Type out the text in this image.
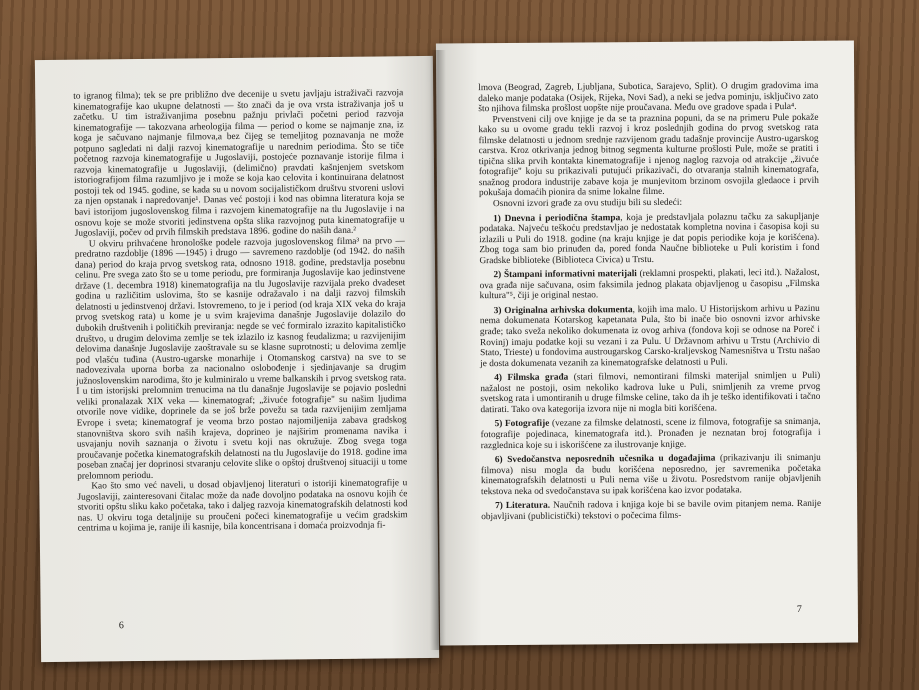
to igranog filma); tek se pre približno dve decenije u svetu javljaju istraživači razvoja kinematografije kao ukupne delatnosti — što znači da je ova vrsta istraživanja još u začetku. U tim istraživanjima posebnu pažnju privlači početni period razvoja kinematografije — takozvana arheologija filma — period o kome se najmanje zna, iz koga je sačuvano najmanje filmova,a bez čijeg se temeljitog poznavanja ne može potpuno sagledati ni dalji razvoj kinematografije u narednim periodima. Što se tiče početnog razvoja kinematografije u Jugoslaviji, postojeće poznavanje istorije filma i razvoja kinematografije u Jugoslaviji, (delimično) pravdati kašnjenjem svetskom istoriografijom filma razumljivo je i može se koja kao celovita i kontinuirana delatnost postoji tek od 1945. godine, se kada su u novom socijalističkom društvu stvoreni uslovi za njen opstanak i napredovanje¹. Danas već postoji i kod nas obimna literatura koja se bavi istorijom jugoslovenskog filma i razvojem kinematografije na tlu Jugoslavije i na osnovu koje se može stvoriti jedinstvena opšta slika razvojnog puta kinematografije u Jugoslaviji, počev od prvih filmskih predstava 1896. godine do naših dana.²

U okviru prihvaćene hronološke podele razvoja jugoslovenskog filma³ na prvo — predratno razdoblje (1896 —1945) i drugo — savremeno razdoblje (od 1942. do naših dana) period do kraja prvog svetskog rata, odnosno 1918. godine, predstavlja posebnu celinu. Pre svega zato što se u tome periodu, pre formiranja Jugoslavije kao jedinstvene države (1. decembra 1918) kinematografija na tlu Jugoslavije razvijala preko dvadeset godina u različitim uslovima, što se kasnije odražavalo i na dalji razvoj filmskih delatnosti u jedinstvenoj državi. Istovremeno, to je i period (od kraja XIX veka do kraja prvog svetskog rata) u kome je u svim krajevima današnje Jugoslavije dolazilo do dubokih društvenih i političkih previranja: negde se već formiralo izrazito kapitalističko društvo, u drugim delovima zemlje se tek izlazilo iz kasnog feudalizma; u razvijenijim delovima današnje Jugoslavije zaoštravale su se klasne suprotnosti; u delovima zemlje pod vlašću tuđina (Austro-ugarske monarhije i Otomanskog carstva) na sve to se nadovezivala upornа borba za nacionalno oslobođenje i sjedinjavanje sa drugim južnoslovenskim narodima, što je kulminiralo u vreme balkanskih i prvog svetskog rata. I u tim istorijski prelomnim trenucima na tlu današnje Jugoslavije se pojavio posledni veliki pronalazak XIX veka — kinematograf; „živuće fotografije" su našim ljudima otvorile nove vidike, doprinele da se još brže povežu sa tada razvijenijim zemljama Evrope i sveta; kinematograf je veoma brzo postao najomiljenija zabava gradskog stanovništva skoro svih naših krajeva, doprineo je najširim promenama navika i usvajanju novih saznanja o životu i svetu koji nas okružuje. Zbog svega toga proučavanje početka kinematografskih delatnosti na tlu Jugoslavije do 1918. godine ima poseban značaj jer doprinosi stvaranju celovite slike o opštoj društvenoj situaciji u tome prelomnom periodu.

Kao što smo već naveli, u dosad objavljenoj literaturi o istoriji kinematografije u Jugoslaviji, zainteresovani čitalac može da nađe dovoljno podataka na osnovu kojih će stvoriti opštu sliku kako početaka, tako i daljeg razvoja kinematografskih delatnosti kod nas. U okviru toga detaljnije su proučeni počeci kinematografije u većim gradskim centrima u kojima je, ranije ili kasnije, bila koncentrisana i domaća proizvodnja fi-

6

lmova (Beograd, Zagreb, Ljubljana, Subotica, Sarajevo, Split). O drugim gradovima ima daleko manje podataka (Osijek, Rijeka, Novi Sad), a neki se jedva pominju, isključivo zato što njihova filmska prošlost uopšte nije proučavana. Među ove gradove spada i Pula⁴.

Prvenstveni cilj ove knjige je da se ta praznina popuni, da se na primeru Pule pokaže kako su u ovome gradu tekli razvoj i kroz poslednjih godina do prvog svetskog rata filmske delatnosti u jednom srednje razvijenom gradu tadašnje provincije Austro-ugarskog carstva. Kroz otkrivanja jednog bitnog segmenta kulturne prošlosti Pule, može se pratiti i tipična slika prvih kontakta kinematografije i njenog naglog razvoja od atrakcije „živuće fotografije" koju su prikazivali putujući prikazivači, do otvaranja stalnih kinematografa, snažnog prodora industrije zabave koja je munjevitom brzinom osvojila gledaoce i prvih pokušaja domaćih pionira da snime lokalne filme.

Osnovni izvori građe za ovu studiju bili su sledeći:

1) Dnevna i periodična štampa, koja je predstavljala polaznu tačku za sakupljanje podataka. Najveću teškoću predstavljao je nedostatak kompletna novina i časopisa koji su izlazili u Puli do 1918. godine (na kraju knjige je dat popis periodike koja je korišćena). Zbog toga sam bio prinuđen da, pored fonda Naučne biblioteke u Puli koristim i fond Gradske biblioteke (Biblioteca Civica) u Trstu.

2) Štampani informativni materijali (reklamni prospekti, plakati, leci itd.). Nažalost, ova građa nije sačuvana, osim faksimila jednog plakata objavljenog u časopisu „Filmska kultura"⁵, čiji je original nestao.

3) Originalna arhivska dokumenta, kojih ima malo. U Historijskom arhivu u Pazinu nema dokumenata Kotarskog kapetanata Pula, što bi inače bio osnovni izvor arhivske građe; tako sveža nekoliko dokumenata iz ovog arhiva (fondova koji se odnose na Poreč i Rovinj) imaju podatke koji su vezani i za Pulu. U Državnom arhivu u Trstu (Archivio di Stato, Trieste) u fondovima austrougarskog Carsko-kraljevskog Namesništva u Trstu našao je dosta dokumenata vezanih za kinematografske delatnosti u Puli.

4) Filmska građa (stari filmovi, nemontirani filmski materijal snimljen u Puli) nažalost ne postoji, osim nekoliko kadrova luke u Puli, snimljenih za vreme prvog svetskog rata i umontiranih u druge filmske celine, tako da ih je teško identifikovati i tačno datirati. Tako ova kategorija izvora nije ni mogla biti korišćena.

5) Fotografije (vezane za filmske delatnosti, scene iz filmova, fotografije sa snimanja, fotografije pojedinaca, kinematografa itd.). Pronađen je neznatan broj fotografija i razglednica koje su i iskorišćene za ilustrovanje knjige.

6) Svedočanstva neposrednih učesnika u događajima (prikazivanju ili snimanju filmova) nisu mogla da budu korišćena neposredno, jer savremenika početaka kinematografskih delatnosti u Puli nema više u životu. Posredstvom ranije objavljenih tekstova neka od svedočanstava su ipak korišćena kao izvor podataka.

7) Literatura. Naučnih radova i knjiga koje bi se bavile ovim pitanjem nema. Ranije objavljivani (publicistički) tekstovi o počecima films-

7
